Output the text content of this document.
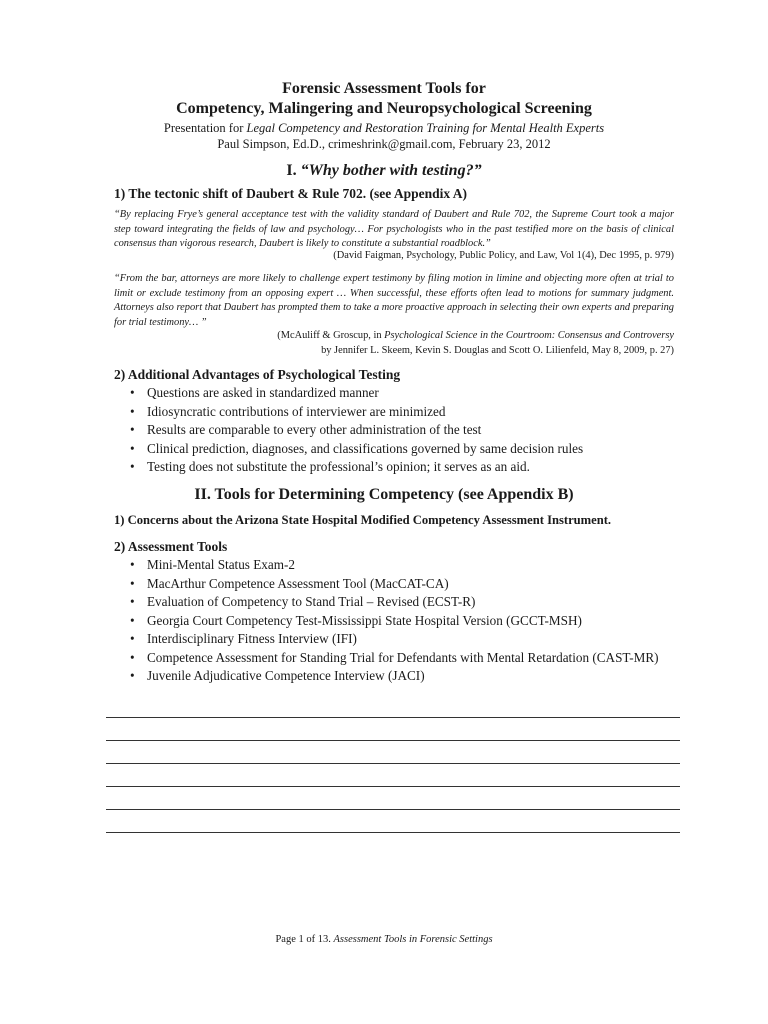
Forensic Assessment Tools for
Competency, Malingering and Neuropsychological Screening
Presentation for Legal Competency and Restoration Training for Mental Health Experts
Paul Simpson, Ed.D., crimeshrink@gmail.com, February 23, 2012
I. “Why bother with testing?”
1) The tectonic shift of Daubert & Rule 702. (see Appendix A)
“By replacing Frye’s general acceptance test with the validity standard of Daubert and Rule 702, the Supreme Court took a major step toward integrating the fields of law and psychology… For psychologists who in the past testified more on the basis of clinical consensus than vigorous research, Daubert is likely to constitute a substantial roadblock.”
(David Faigman, Psychology, Public Policy, and Law, Vol 1(4), Dec 1995, p. 979)
“From the bar, attorneys are more likely to challenge expert testimony by filing motion in limine and objecting more often at trial to limit or exclude testimony from an opposing expert … When successful, these efforts often lead to motions for summary judgment. Attorneys also report that Daubert has prompted them to take a more proactive approach in selecting their own experts and preparing for trial testimony… ”
(McAuliff & Groscup, in Psychological Science in the Courtroom: Consensus and Controversy
by Jennifer L. Skeem, Kevin S. Douglas and Scott O. Lilienfeld, May 8, 2009, p. 27)
2) Additional Advantages of Psychological Testing
• Questions are asked in standardized manner
• Idiosyncratic contributions of interviewer are minimized
• Results are comparable to every other administration of the test
• Clinical prediction, diagnoses, and classifications governed by same decision rules
• Testing does not substitute the professional’s opinion; it serves as an aid.
II. Tools for Determining Competency (see Appendix B)
1) Concerns about the Arizona State Hospital Modified Competency Assessment Instrument.
2) Assessment Tools
• Mini-Mental Status Exam-2
• MacArthur Competence Assessment Tool (MacCAT-CA)
• Evaluation of Competency to Stand Trial – Revised (ECST-R)
• Georgia Court Competency Test-Mississippi State Hospital Version (GCCT-MSH)
• Interdisciplinary Fitness Interview (IFI)
• Competence Assessment for Standing Trial for Defendants with Mental Retardation (CAST-MR)
• Juvenile Adjudicative Competence Interview (JACI)
Page 1 of 13. Assessment Tools in Forensic Settings
